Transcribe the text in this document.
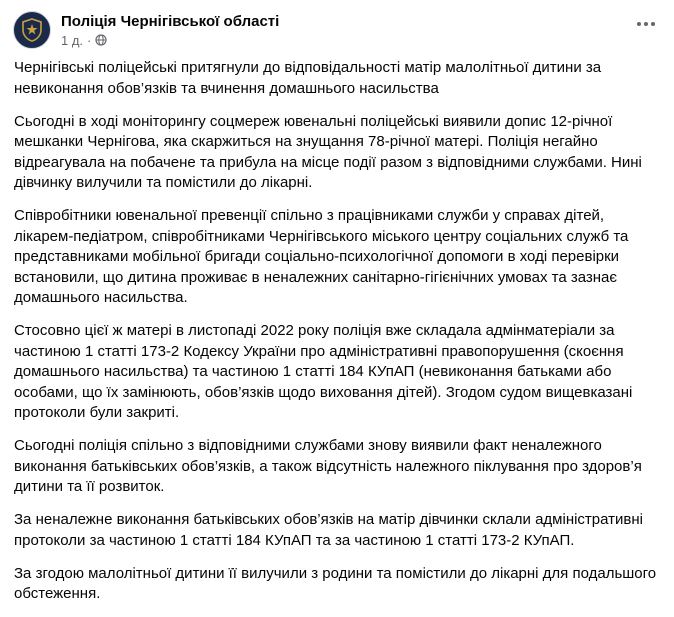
Поліція Чернігівської області
1 д. ·

Чернігівські поліцейські притягнули до відповідальності матір малолітньої дитини за
невиконання обов’язків та вчинення домашнього насильства

Сьогодні в ході моніторингу соцмереж ювенальні поліцейські виявили допис 12-річної
мешканки Чернігова, яка скаржиться на знущання 78-річної матері. Поліція негайно
відреагувала на побачене та прибула на місце події разом з відповідними службами. Нині
дівчинку вилучили та помістили до лікарні.

Співробітники ювенальної превенції спільно з працівниками служби у справах дітей,
лікарем-педіатром, співробітниками Чернігівського міського центру соціальних служб та
представниками мобільної бригади соціально-психологічної допомоги в ході перевірки
встановили, що дитина проживає в неналежних санітарно-гігієнічних умовах та зазнає
домашнього насильства.

Стосовно цієї ж матері в листопаді 2022 року поліція вже складала адмінматеріали за
частиною 1 статті 173-2 Кодексу України про адміністративні правопорушення (скоєння
домашнього насильства) та частиною 1 статті 184 КУпАП (невиконання батьками або
особами, що їх замінюють, обов’язків щодо виховання дітей). Згодом судом вищевказані
протоколи були закриті.

Сьогодні поліція спільно з відповідними службами знову виявили факт неналежного
виконання батьківських обов’язків, а також відсутність належного піклування про здоров’я
дитини та її розвиток.

За неналежне виконання батьківських обов’язків на матір дівчинки склали адміністративні
протоколи за частиною 1 статті 184 КУпАП та за частиною 1 статті 173-2 КУпАП.

За згодою малолітньої дитини її вилучили з родини та помістили до лікарні для подальшого
обстеження.
